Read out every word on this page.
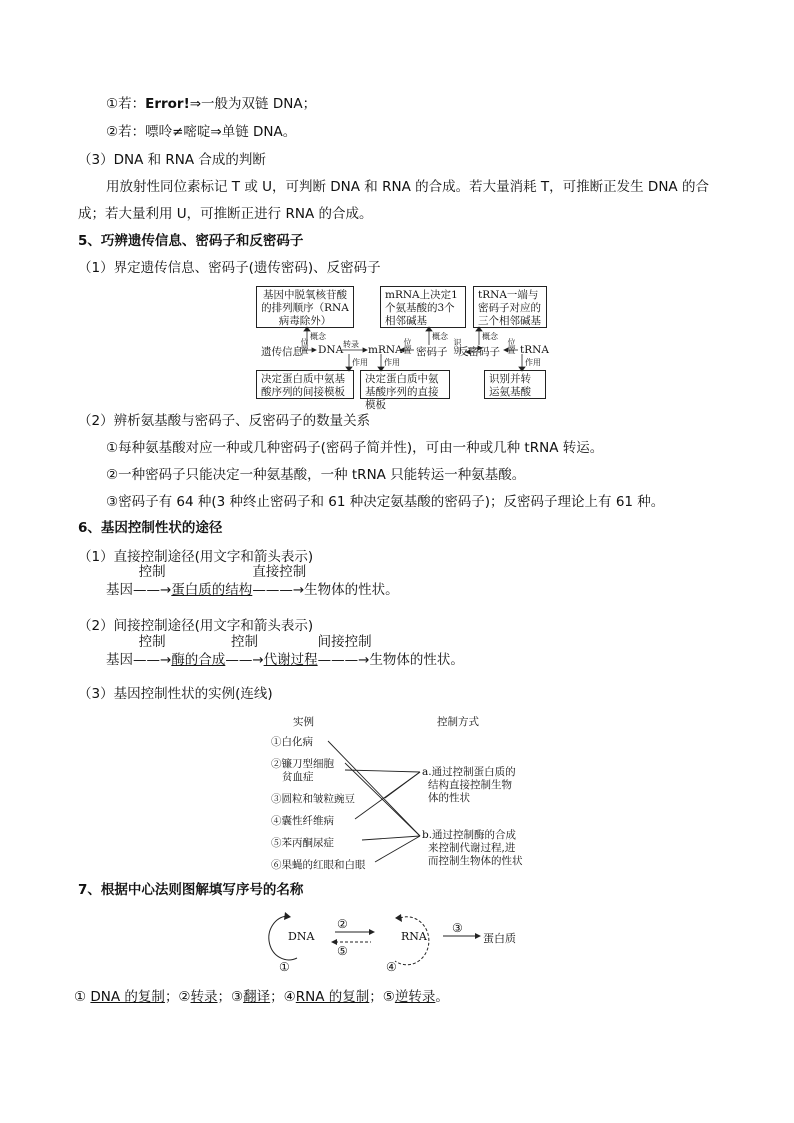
①若：Error!⇒一般为双链 DNA；
②若：嘌呤≠嘧啶⇒单链 DNA。
（3）DNA 和 RNA 合成的判断
用放射性同位素标记 T 或 U，可判断 DNA 和 RNA 的合成。若大量消耗 T，可推断正发生 DNA 的合
成；若大量利用 U，可推断正进行 RNA 的合成。
5、巧辨遗传信息、密码子和反密码子
（1）界定遗传信息、密码子(遗传密码)、反密码子
基因中脱氧核苷酸的排列顺序（RNA病毒除外）
mRNA上决定1个氨基酸的3个相邻碱基
tRNA一端与密码子对应的三个相邻碱基
决定蛋白质中氨基酸序列的间接模板
决定蛋白质中氨基酸序列的直接模板
识别并转运氨基酸
遗传信息 DNA mRNA 密码子 反密码子 tRNA
概念	概念	概念
作用 作用	作用
转录
位置	位置	识别	位置
（2）辨析氨基酸与密码子、反密码子的数量关系
①每种氨基酸对应一种或几种密码子(密码子简并性)，可由一种或几种 tRNA 转运。
②一种密码子只能决定一种氨基酸，一种 tRNA 只能转运一种氨基酸。
③密码子有 64 种(3 种终止密码子和 61 种决定氨基酸的密码子)；反密码子理论上有 61 种。
6、基因控制性状的途径
（1）直接控制途径(用文字和箭头表示)
基因
控制
——→蛋白质的结构
直接控制
———→生物体的性状。
（2）间接控制途径(用文字和箭头表示)
基因
控制
——→酶的合成
控制
——→代谢过程
间接控制
———→生物体的性状。
（3）基因控制性状的实例(连线)
实例	控制方式
①白化病
②镰刀型细胞
贫血症
③圆粒和皱粒豌豆
④囊性纤维病
⑤苯丙酮尿症
⑥果蝇的红眼和白眼
a.通过控制蛋白质的
结构直接控制生物
体的性状
b.通过控制酶的合成
来控制代谢过程,进
而控制生物体的性状
7、根据中心法则图解填写序号的名称
DNA	RNA	蛋白质
①
②	③
④
⑤
① DNA 的复制；②转录；③翻译；④RNA 的复制；⑤逆转录。
